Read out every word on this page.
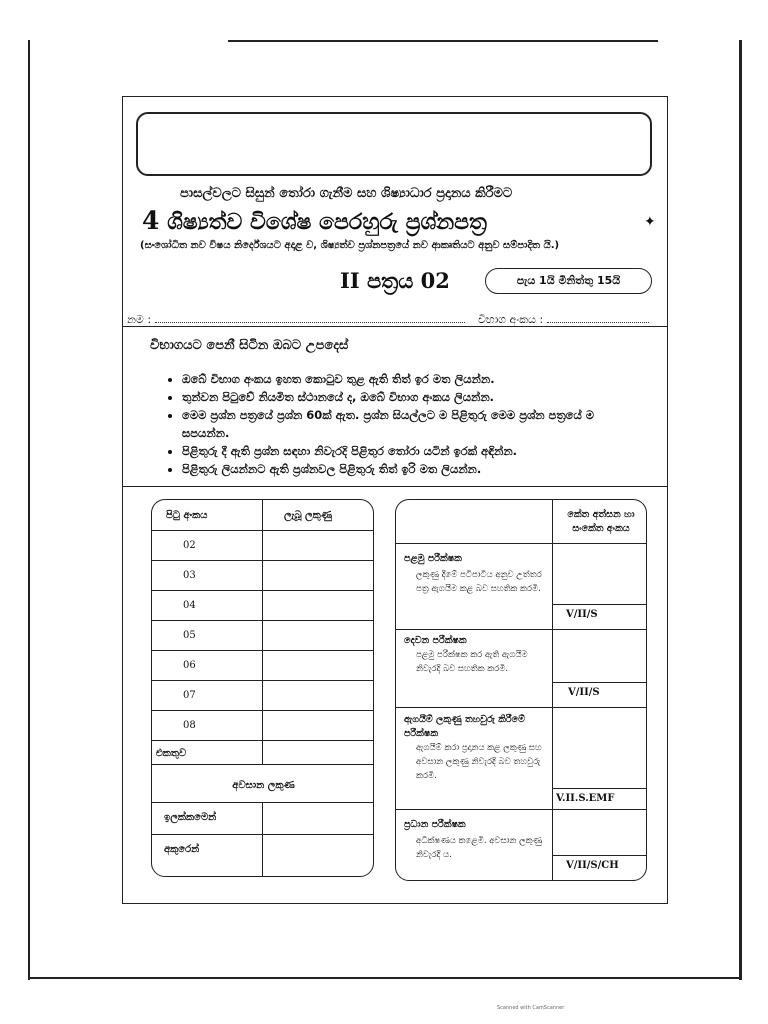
පාසල්වලට සිසුන් තෝරා ගැනීම සහ ශිෂ්‍යාධාර ප්‍රදානය කිරීමට
4 ශිෂ්‍යත්ව විශේෂ පෙරහුරු ප්‍රශ්නපත්‍ර	✦
(සංශෝධිත නව විෂය නිර්දේශයට අදාළ ව, ශිෂ්‍යත්ව ප්‍රශ්නපත්‍රයේ නව ආකෘතියට අනුව සම්පාදිත යි.)
II පත්‍රය 02	පැය 1යි මිනිත්තු 15යි
නම :	විභාග අංකය :
විභාගයට පෙනී සිටින ඔබට උපදෙස්
• ඔබේ විභාග අංකය ඉහත කොටුව තුළ ඇති තිත් ඉර මත ලියන්න.
• තුන්වන පිටුවේ නියමිත ස්ථානයේ ද, ඔබේ විභාග අංකය ලියන්න.
• මෙම ප්‍රශ්න පත්‍රයේ ප්‍රශ්න 60ක් ඇත. ප්‍රශ්න සියල්ලට ම පිළිතුරු මෙම ප්‍රශ්න පත්‍රයේ ම සපයන්න.
• පිළිතුරු දී ඇති ප්‍රශ්න සඳහා නිවැරදි පිළිතුර තෝරා යටින් ඉරක් අඳින්න.
• පිළිතුරු ලියන්නට ඇති ප්‍රශ්නවල පිළිතුරු තිත් ඉරි මත ලියන්න.
පිටු අංකය	ලැබූ ලකුණු
02
03
04
05
06
07
08
එකතුව
අවසාන ලකුණ
ඉලක්කමෙන්
අකුරෙන්
කේත අත්සන හා සංකේත අංකය
පළමු පරීක්ෂක
ලකුණු දීමේ පටිපාටිය අනුව උත්තර පත්‍ර ඇගයීම කළ බව සහතික කරමි.
V/II/S
දෙවන පරීක්ෂක
පළමු පරීක්ෂක කර ඇති ඇගයීම නිවැරදි බව සහතික කරමි.
V/II/S
ඇගයීම් ලකුණු තහවුරු කිරීමේ පරීක්ෂක
ඇගයීම් කරා ප්‍රදානය කළ ලකුණු සහ අවසාන ලකුණු නිවැරදි බව තහවුරු කරමි.
V.II.S.EMF
ප්‍රධාන පරීක්ෂක
අධීක්ෂණය කළෙමි. අවසාන ලකුණු නිවැරදි ය.
V/II/S/CH
Scanned with CamScanner
